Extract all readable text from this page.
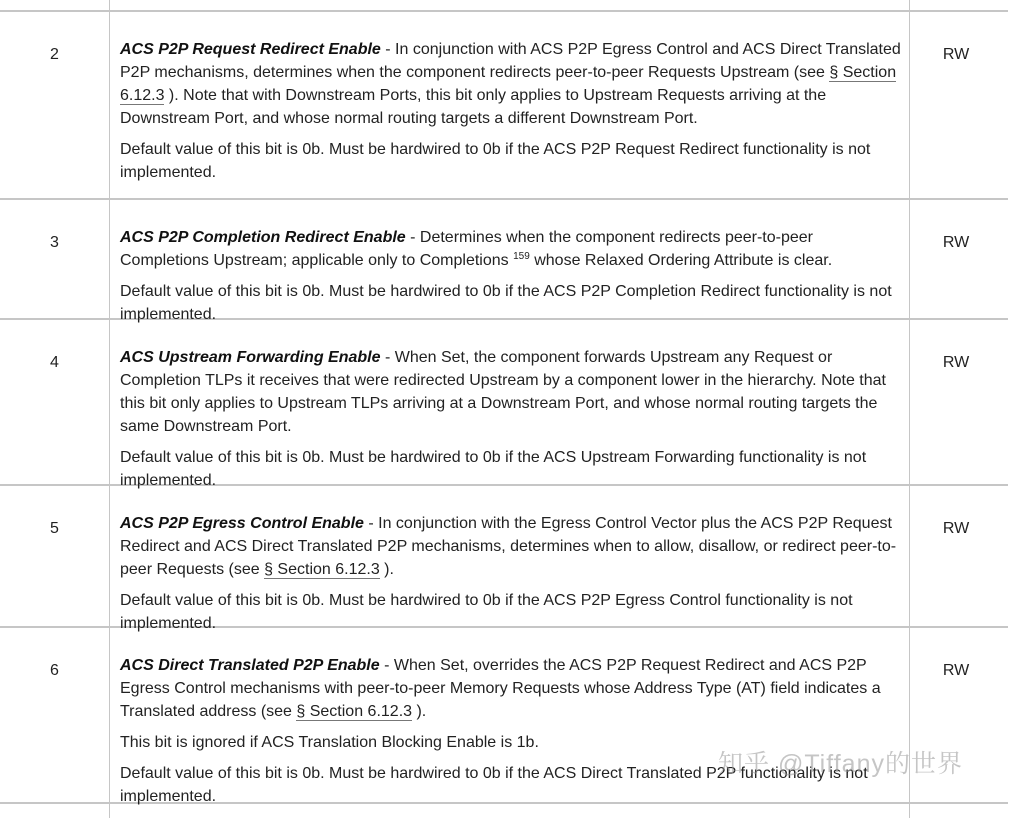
2	ACS P2P Request Redirect Enable - In conjunction with ACS P2P Egress Control and ACS Direct Translated P2P mechanisms, determines when the component redirects peer-to-peer Requests Upstream (see § Section 6.12.3 ). Note that with Downstream Ports, this bit only applies to Upstream Requests arriving at the Downstream Port, and whose normal routing targets a different Downstream Port.

Default value of this bit is 0b. Must be hardwired to 0b if the ACS P2P Request Redirect functionality is not implemented.

RW
3	ACS P2P Completion Redirect Enable - Determines when the component redirects peer-to-peer Completions Upstream; applicable only to Completions $^{159}$ whose Relaxed Ordering Attribute is clear.

Default value of this bit is 0b. Must be hardwired to 0b if the ACS P2P Completion Redirect functionality is not implemented.

RW
4	ACS Upstream Forwarding Enable - When Set, the component forwards Upstream any Request or Completion TLPs it receives that were redirected Upstream by a component lower in the hierarchy. Note that this bit only applies to Upstream TLPs arriving at a Downstream Port, and whose normal routing targets the same Downstream Port.

Default value of this bit is 0b. Must be hardwired to 0b if the ACS Upstream Forwarding functionality is not implemented.

RW
5	ACS P2P Egress Control Enable - In conjunction with the Egress Control Vector plus the ACS P2P Request Redirect and ACS Direct Translated P2P mechanisms, determines when to allow, disallow, or redirect peer-to-peer Requests (see § Section 6.12.3 ).

Default value of this bit is 0b. Must be hardwired to 0b if the ACS P2P Egress Control functionality is not implemented.

RW
6	ACS Direct Translated P2P Enable - When Set, overrides the ACS P2P Request Redirect and ACS P2P Egress Control mechanisms with peer-to-peer Memory Requests whose Address Type (AT) field indicates a Translated address (see § Section 6.12.3 ).

This bit is ignored if ACS Translation Blocking Enable is 1b.

Default value of this bit is 0b. Must be hardwired to 0b if the ACS Direct Translated P2P functionality is not implemented.

RW
知乎 @Tiffany的世界
